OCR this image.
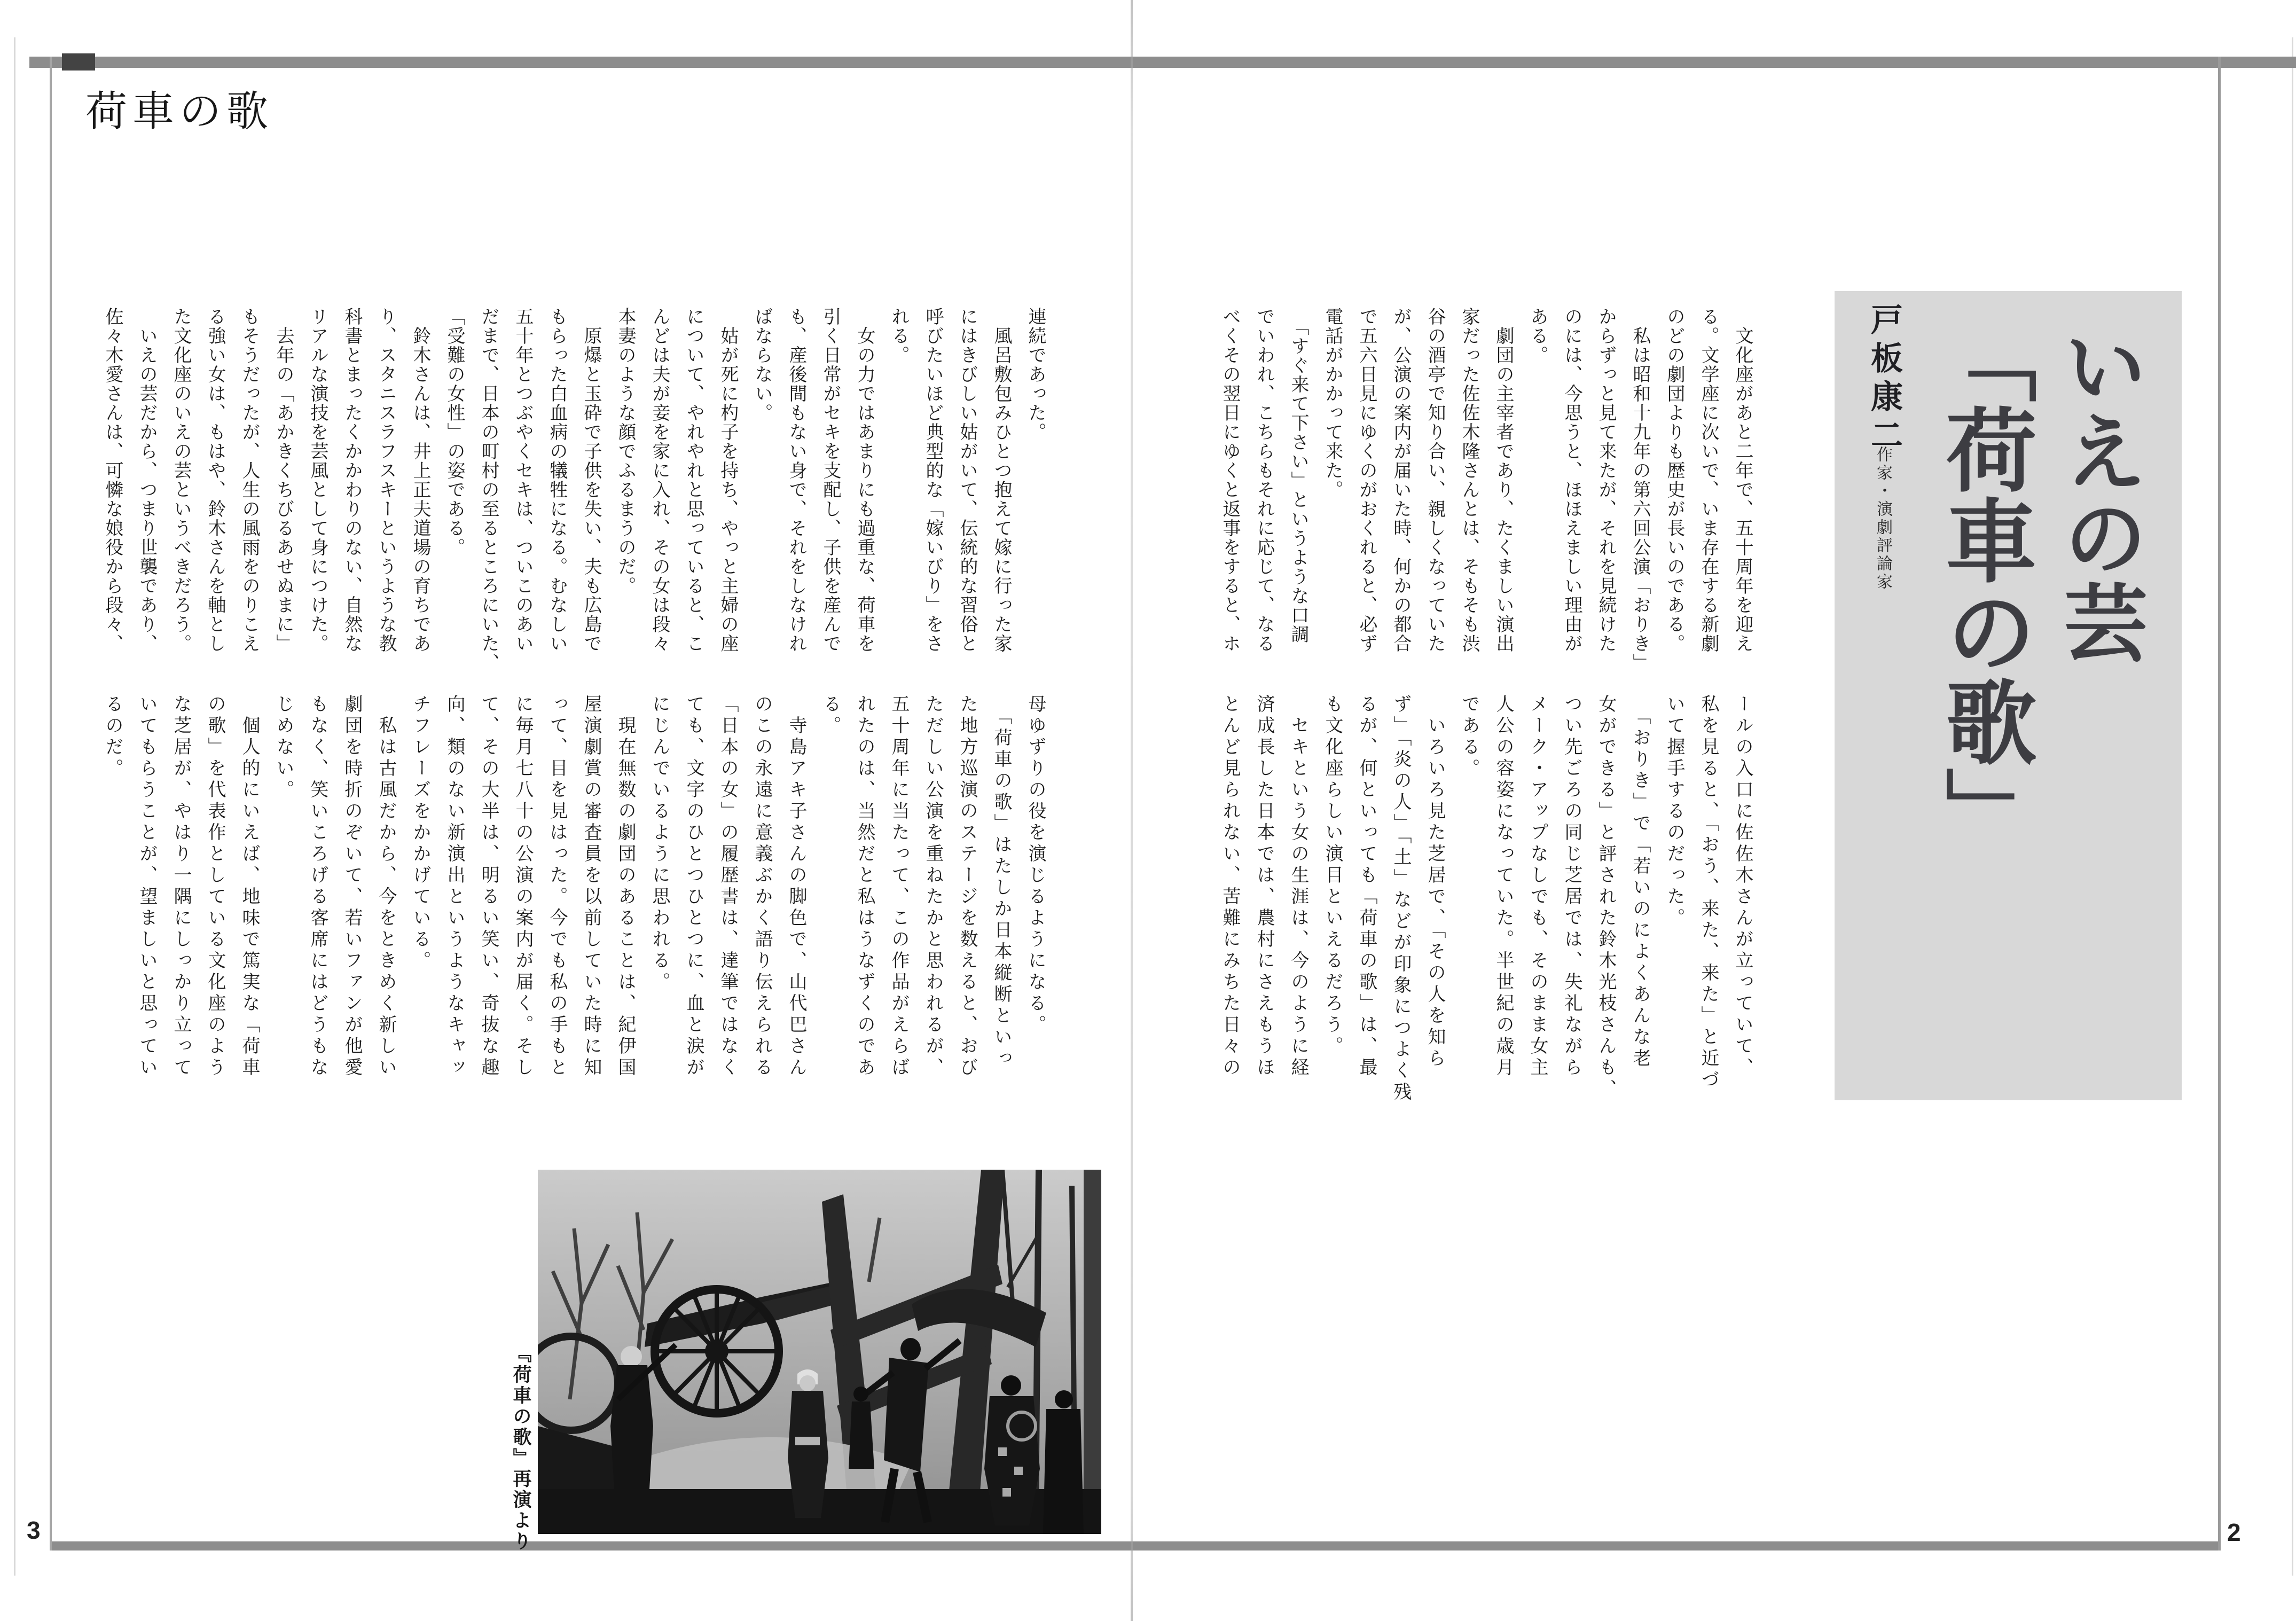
荷車の歌
3	2
いえの芸
「荷車の歌」
戸板康二
作家・演劇評論家

　文化座があと二年で、五十周年を迎え

る。文学座に次いで、いま存在する新劇

のどの劇団よりも歴史が長いのである。

　私は昭和十九年の第六回公演「おりき」

からずっと見て来たが、それを見続けた

のには、今思うと、ほほえましい理由が

ある。

　劇団の主宰者であり、たくましい演出

家だった佐佐木隆さんとは、そもそも渋

谷の酒亭で知り合い、親しくなっていた

が、公演の案内が届いた時、何かの都合

で五六日見にゆくのがおくれると、必ず

電話がかかって来た。

　「すぐ来て下さい」というような口調

でいわれ、こちらもそれに応じて、なる

べくその翌日にゆくと返事をすると、ホ

ールの入口に佐佐木さんが立っていて、

私を見ると、「おう、来た、来た」と近づ

いて握手するのだった。

　「おりき」で「若いのによくあんな老

女ができる」と評された鈴木光枝さんも、

つい先ごろの同じ芝居では、失礼ながら

メーク・アップなしでも、そのまま女主

人公の容姿になっていた。半世紀の歳月

である。

　いろいろ見た芝居で、「その人を知ら

ず」「炎の人」「土」などが印象につよく残

るが、何といっても「荷車の歌」は、最

も文化座らしい演目といえるだろう。

　セキという女の生涯は、今のように経

済成長した日本では、農村にさえもうほ

とんど見られない、苦難にみちた日々の

連続であった。

　風呂敷包みひとつ抱えて嫁に行った家

にはきびしい姑がいて、伝統的な習俗と

呼びたいほど典型的な「嫁いびり」をさ

れる。

　女の力ではあまりにも過重な、荷車を

引く日常がセキを支配し、子供を産んで

も、産後間もない身で、それをしなけれ

ばならない。

　姑が死に杓子を持ち、やっと主婦の座

について、やれやれと思っていると、こ

んどは夫が妾を家に入れ、その女は段々

本妻のような顔でふるまうのだ。

　原爆と玉砕で子供を失い、夫も広島で

もらった白血病の犠牲になる。むなしい

五十年とつぶやくセキは、ついこのあい

だまで、日本の町村の至るところにいた、

「受難の女性」の姿である。

　鈴木さんは、井上正夫道場の育ちであ

り、スタニスラフスキーというような教

科書とまったくかかわりのない、自然な

リアルな演技を芸風として身につけた。

　去年の「あかきくちびるあせぬまに」

もそうだったが、人生の風雨をのりこえ

る強い女は、もはや、鈴木さんを軸とし

た文化座のいえの芸というべきだろう。

　いえの芸だから、つまり世襲であり、

佐々木愛さんは、可憐な娘役から段々、

母ゆずりの役を演じるようになる。

　「荷車の歌」はたしか日本縦断といっ

た地方巡演のステージを数えると、おび

ただしい公演を重ねたかと思われるが、

五十周年に当たって、この作品がえらば

れたのは、当然だと私はうなずくのであ

る。

　寺島アキ子さんの脚色で、山代巴さん

のこの永遠に意義ぶかく語り伝えられる

「日本の女」の履歴書は、達筆ではなく

ても、文字のひとつひとつに、血と涙が

にじんでいるように思われる。

　現在無数の劇団のあることは、紀伊国

屋演劇賞の審査員を以前していた時に知

って、目を見はった。今でも私の手もと

に毎月七八十の公演の案内が届く。そし

て、その大半は、明るい笑い、奇抜な趣

向、類のない新演出というようなキャッ

チフレーズをかかげている。

　私は古風だから、今をときめく新しい

劇団を時折のぞいて、若いファンが他愛

もなく、笑いころげる客席にはどうもな

じめない。

　個人的にいえば、地味で篤実な「荷車

の歌」を代表作としている文化座のよう

な芝居が、やはり一隅にしっかり立って

いてもらうことが、望ましいと思ってい

るのだ。

『荷車の歌』再演より
